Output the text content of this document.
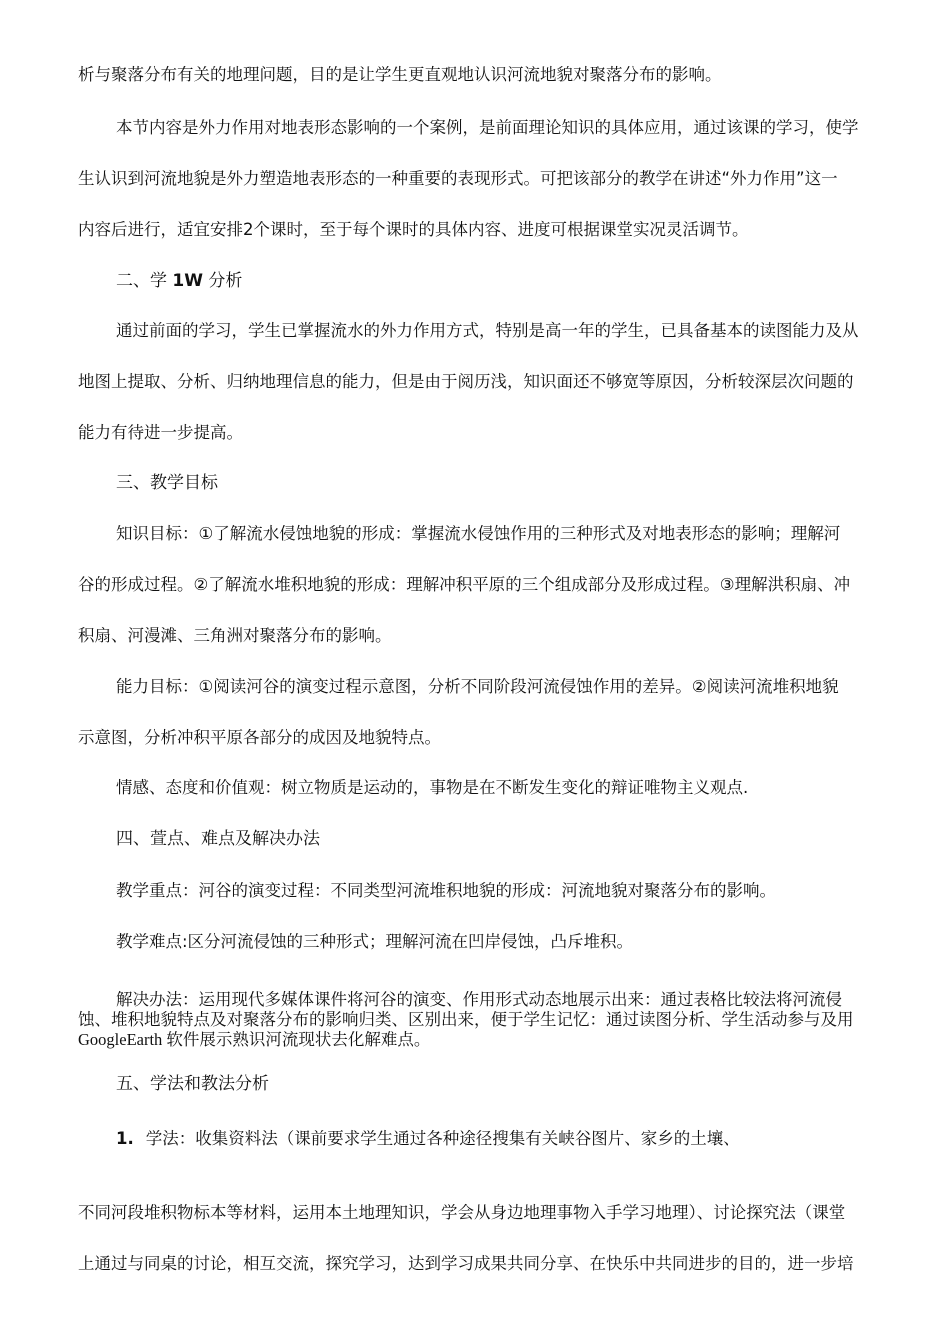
析与聚落分布有关的地理问题，目的是让学生更直观地认识河流地貌对聚落分布的影响。
本节内容是外力作用对地表形态影响的一个案例，是前面理论知识的具体应用，通过该课的学习，使学
生认识到河流地貌是外力塑造地表形态的一种重要的表现形式。可把该部分的教学在讲述“外力作用”这一
内容后进行，适宜安排2个课时，至于每个课时的具体内容、进度可根据课堂实况灵活调节。
二、学 1W 分析
通过前面的学习，学生已掌握流水的外力作用方式，特别是高一年的学生，已具备基本的读图能力及从
地图上提取、分析、归纳地理信息的能力，但是由于阅历浅，知识面还不够宽等原因，分析较深层次问题的
能力有待进一步提高。
三、教学目标
知识目标：①了解流水侵蚀地貌的形成：掌握流水侵蚀作用的三种形式及对地表形态的影响；理解河
谷的形成过程。②了解流水堆积地貌的形成：理解冲积平原的三个组成部分及形成过程。③理解洪积扇、冲
积扇、河漫滩、三角洲对聚落分布的影响。
能力目标：①阅读河谷的演变过程示意图，分析不同阶段河流侵蚀作用的差异。②阅读河流堆积地貌
示意图，分析冲积平原各部分的成因及地貌特点。
情感、态度和价值观：树立物质是运动的，事物是在不断发生变化的辩证唯物主义观点.
四、萱点、难点及解决办法
教学重点：河谷的演变过程：不同类型河流堆积地貌的形成：河流地貌对聚落分布的影响。
教学难点:区分河流侵蚀的三种形式；理解河流在凹岸侵蚀，凸斥堆积。
解决办法：运用现代多媒体课件将河谷的演变、作用形式动态地展示出来：通过表格比较法将河流侵
蚀、堆积地貌特点及对聚落分布的影响归类、区别出来，便于学生记忆：通过读图分析、学生活动参与及用
GoogleEarth 软件展示熟识河流现状去化解难点。
五、学法和教法分析
1. 学法：收集资料法（课前要求学生通过各种途径搜集有关峡谷图片、家乡的土壤、
不同河段堆积物标本等材料，运用本土地理知识，学会从身边地理事物入手学习地理）、讨论探究法（课堂
上通过与同桌的讨论，相互交流，探究学习，达到学习成果共同分享、在快乐中共同进步的目的，进一步培
